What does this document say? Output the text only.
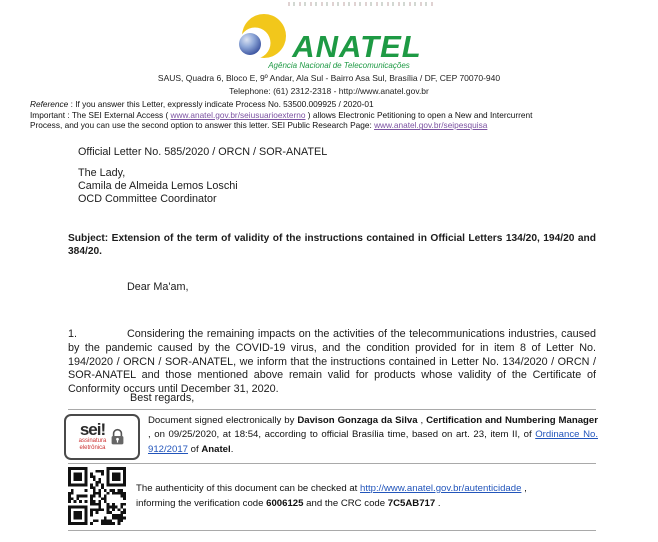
ANATEL
Agência Nacional de Telecomunicações
SAUS, Quadra 6, Bloco E, 9º Andar, Ala Sul - Bairro Asa Sul, Brasília / DF, CEP 70070-940
Telephone: (61) 2312-2318 - http://www.anatel.gov.br
Reference : If you answer this Letter, expressly indicate Process No. 53500.009925 / 2020-01
Important : The SEI External Access ( www.anatel.gov.br/seiusuarioexterno ) allows Electronic Petitioning to open a New and Intercurrent Process, and you can use the second option to answer this letter. SEI Public Research Page: www.anatel.gov.br/seipesquisa
Official Letter No. 585/2020 / ORCN / SOR-ANATEL
The Lady,
Camila de Almeida Lemos Loschi
OCD Committee Coordinator
Subject: Extension of the term of validity of the instructions contained in Official Letters 134/20, 194/20 and 384/20.
Dear Ma'am,
1.	Considering the remaining impacts on the activities of the telecommunications industries, caused by the pandemic caused by the COVID-19 virus, and the condition provided for in item 8 of Letter No. 194/2020 / ORCN / SOR-ANATEL, we inform that the instructions contained in Letter No. 134/2020 / ORCN / SOR-ANATEL and those mentioned above remain valid for products whose validity of the Certificate of Conformity occurs until December 31, 2020.
Best regards,
sei!
assinatura
eletrônica
Document signed electronically by Davison Gonzaga da Silva , Certification and Numbering Manager , on 09/25/2020, at 18:54, according to official Brasília time, based on art. 23, item II, of Ordinance No. 912/2017 of Anatel.
The authenticity of this document can be checked at http://www.anatel.gov.br/autenticidade , informing the verification code 6006125 and the CRC code 7C5AB717 .
